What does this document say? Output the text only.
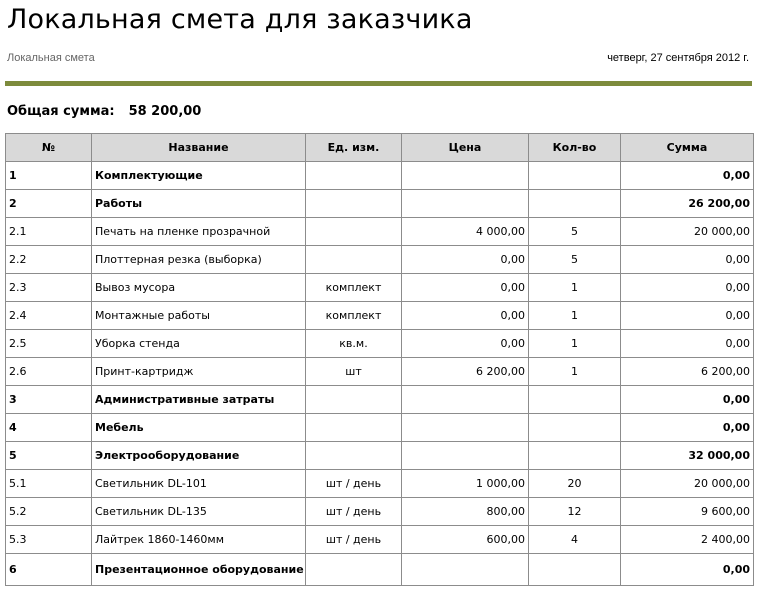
Локальная смета для заказчика
Локальная смета	четверг, 27 сентября 2012 г.
Общая сумма: 58 200,00
№	Название	Ед. изм.	Цена	Кол-во	Сумма
1	Комплектующие				0,00
2	Работы				26 200,00
2.1	Печать на пленке прозрачной		4 000,00	5	20 000,00
2.2	Плоттерная резка (выборка)		0,00	5	0,00
2.3	Вывоз мусора	комплект	0,00	1	0,00
2.4	Монтажные работы	комплект	0,00	1	0,00
2.5	Уборка стенда	кв.м.	0,00	1	0,00
2.6	Принт-картридж	шт	6 200,00	1	6 200,00
3	Административные затраты				0,00
4	Мебель				0,00
5	Электрооборудование				32 000,00
5.1	Светильник DL-101	шт / день	1 000,00	20	20 000,00
5.2	Светильник DL-135	шт / день	800,00	12	9 600,00
5.3	Лайтрек 1860-1460мм	шт / день	600,00	4	2 400,00
6	Презентационное оборудование				0,00
